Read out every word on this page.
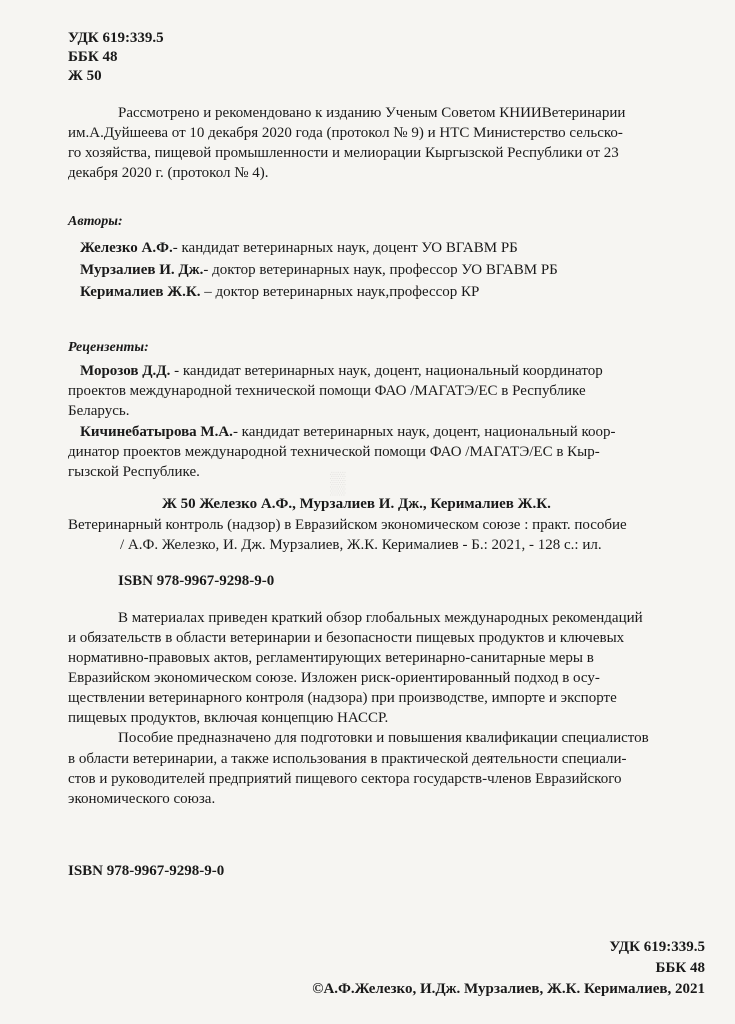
▒
УДК 619:339.5
ББК 48
Ж 50
Рассмотрено и рекомендовано к изданию Ученым Советом КНИИВетеринарии
им.А.Дуйшеева от 10 декабря 2020 года (протокол № 9) и НТС Министерство сельско-
го хозяйства, пищевой промышленности и мелиорации Кыргызской Республики от 23
декабря 2020 г. (протокол № 4).
Авторы:
Железко А.Ф.- кандидат ветеринарных наук, доцент УО ВГАВМ РБ
Мурзалиев И. Дж.- доктор ветеринарных наук, профессор УО ВГАВМ РБ
Керималиев Ж.К. – доктор ветеринарных наук,профессор КР
Рецензенты:
Морозов Д.Д. - кандидат ветеринарных наук, доцент, национальный координатор
проектов международной технической помощи ФАО /МАГАТЭ/ЕС в Республике
Беларусь.
Кичинебатырова М.А.- кандидат ветеринарных наук, доцент, национальный коор-
динатор проектов международной технической помощи ФАО /МАГАТЭ/ЕС в Кыр-
гызской Республике.
Ж 50 Железко А.Ф., Мурзалиев И. Дж., Керималиев Ж.К.
Ветеринарный контроль (надзор) в Евразийском экономическом союзе : практ. пособие
/ А.Ф. Железко, И. Дж. Мурзалиев, Ж.К. Керималиев - Б.: 2021, - 128 с.: ил.
ISBN 978-9967-9298-9-0
В материалах приведен краткий обзор глобальных международных рекомендаций
и обязательств в области ветеринарии и безопасности пищевых продуктов и ключевых
нормативно-правовых актов, регламентирующих ветеринарно-санитарные меры в
Евразийском экономическом союзе. Изложен риск-ориентированный подход в осу-
ществлении ветеринарного контроля (надзора) при производстве, импорте и экспорте
пищевых продуктов, включая концепцию НАССР.
Пособие предназначено для подготовки и повышения квалификации специалистов
в области ветеринарии, а также использования в практической деятельности специали-
стов и руководителей предприятий пищевого сектора государств-членов Евразийского
экономического союза.
ISBN 978-9967-9298-9-0
УДК 619:339.5
ББК 48
©А.Ф.Железко, И.Дж. Мурзалиев, Ж.К. Керималиев, 2021
